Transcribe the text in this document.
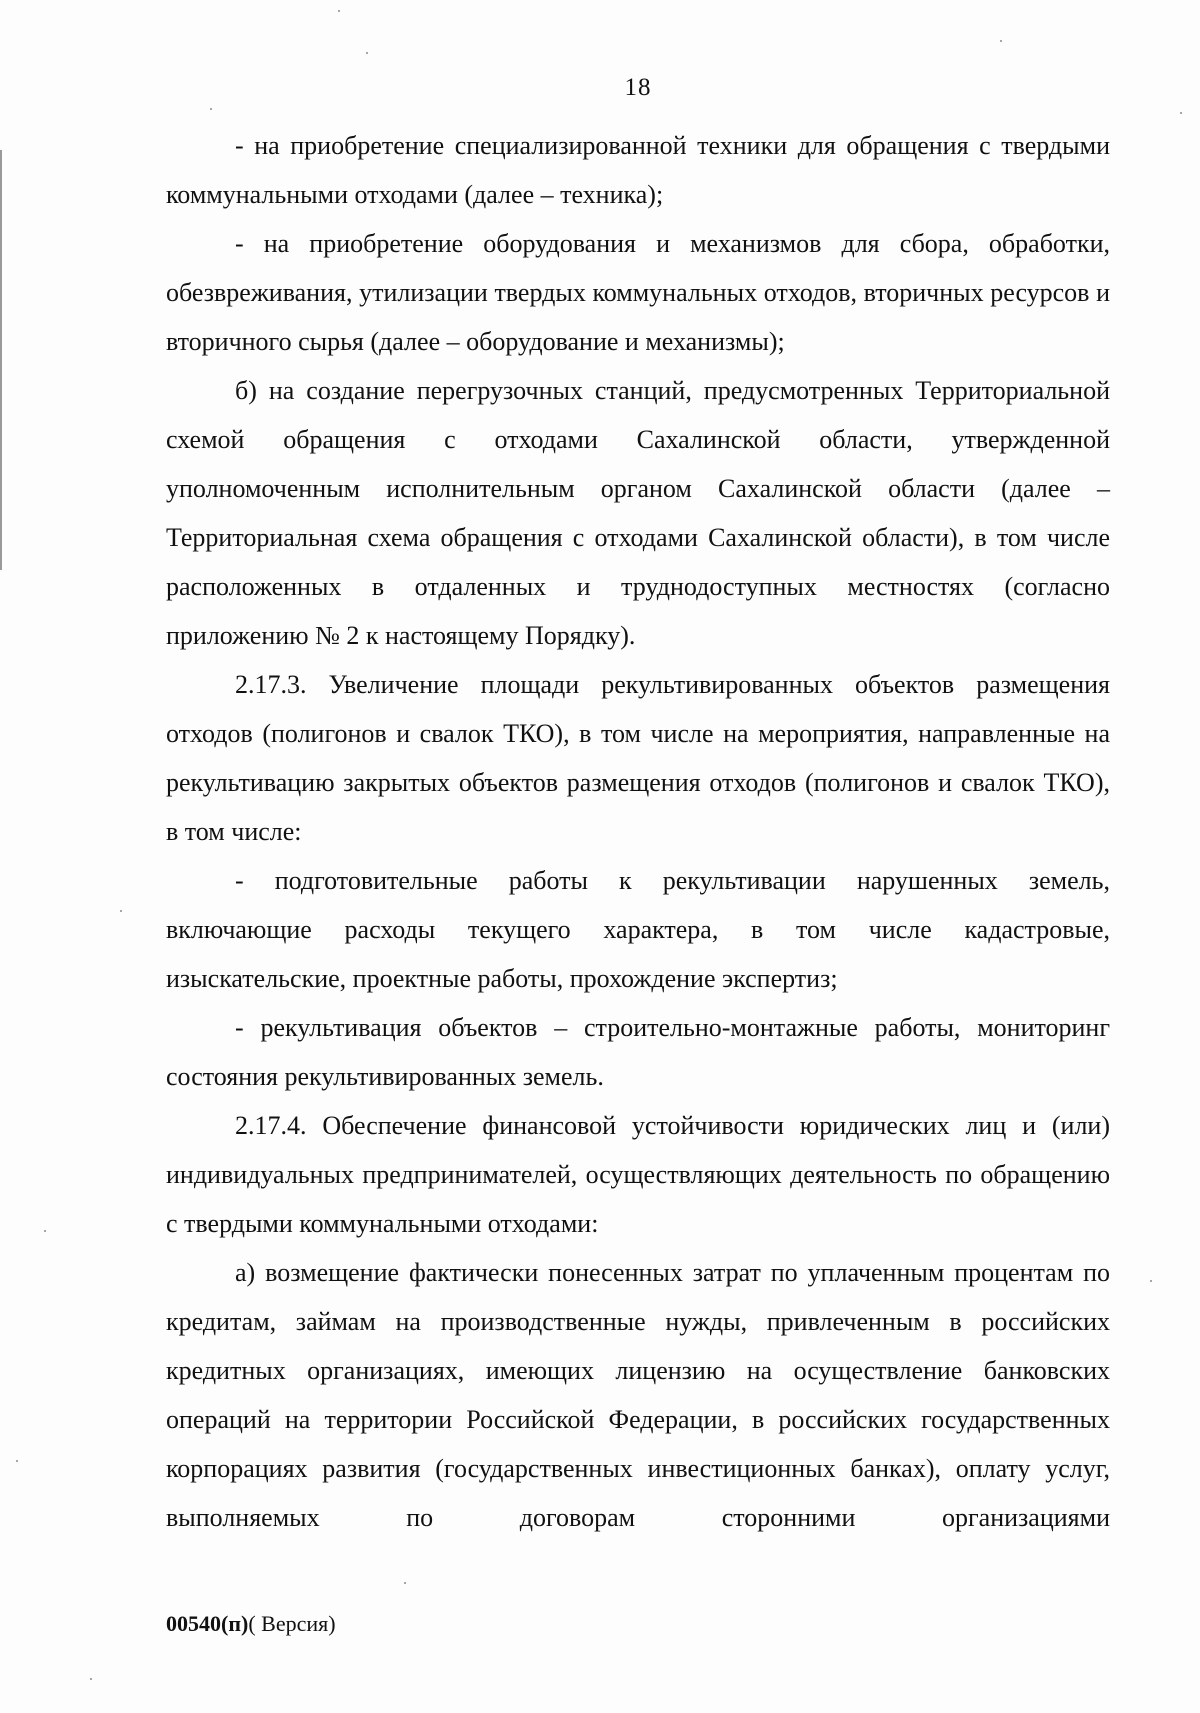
18

- на приобретение специализированной техники для обращения с твердыми коммунальными отходами (далее – техника);

- на приобретение оборудования и механизмов для сбора, обработки, обезвреживания, утилизации твердых коммунальных отходов, вторичных ресурсов и вторичного сырья (далее – оборудование и механизмы);

б) на создание перегрузочных станций, предусмотренных Территориальной схемой обращения с отходами Сахалинской области, утвержденной уполномоченным исполнительным органом Сахалинской области (далее – Территориальная схема обращения с отходами Сахалинской области), в том числе расположенных в отдаленных и труднодоступных местностях (согласно приложению № 2 к настоящему Порядку).

2.17.3. Увеличение площади рекультивированных объектов размещения отходов (полигонов и свалок ТКО), в том числе на мероприятия, направленные на рекультивацию закрытых объектов размещения отходов (полигонов и свалок ТКО), в том числе:

- подготовительные работы к рекультивации нарушенных земель, включающие расходы текущего характера, в том числе кадастровые, изыскательские, проектные работы, прохождение экспертиз;

- рекультивация объектов – строительно-монтажные работы, мониторинг состояния рекультивированных земель.

2.17.4. Обеспечение финансовой устойчивости юридических лиц и (или) индивидуальных предпринимателей, осуществляющих деятельность по обращению с твердыми коммунальными отходами:

а) возмещение фактически понесенных затрат по уплаченным процентам по кредитам, займам на производственные нужды, привлеченным в российских кредитных организациях, имеющих лицензию на осуществление банковских операций на территории Российской Федерации, в российских государственных корпорациях развития (государственных инвестиционных банках), оплату услуг, выполняемых по договорам сторонними организациями

00540(п)( Версия)
